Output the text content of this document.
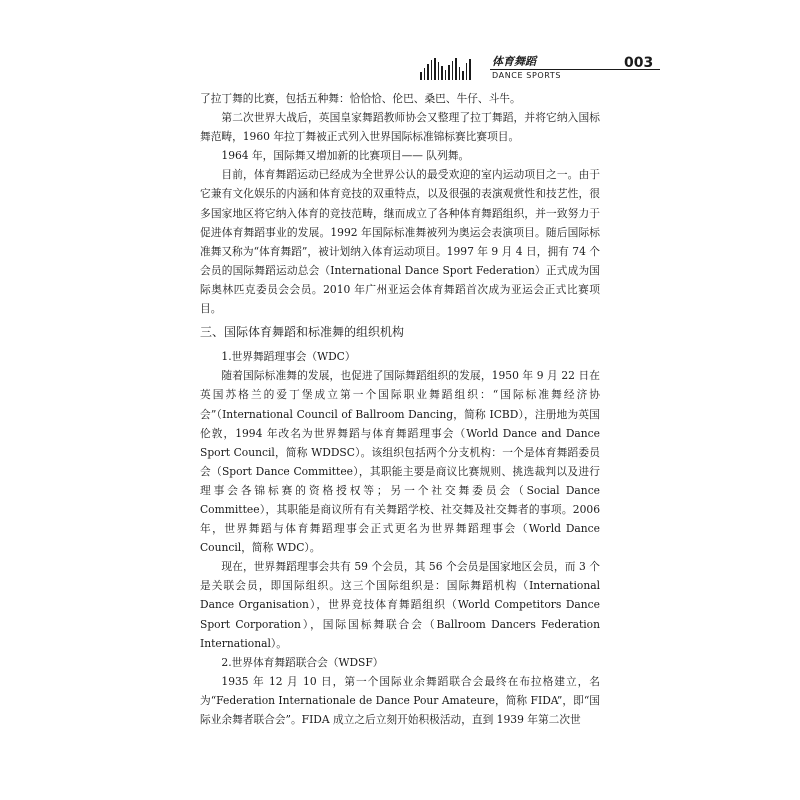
体育舞蹈
DANCE SPORTS
003

了拉丁舞的比赛，包括五种舞：恰恰恰、伦巴、桑巴、牛仔、斗牛。

第二次世界大战后，英国皇家舞蹈教师协会又整理了拉丁舞蹈，并将它纳入国标舞范畴，1960 年拉丁舞被正式列入世界国际标准锦标赛比赛项目。

1964 年，国际舞又增加新的比赛项目—— 队列舞。

目前，体育舞蹈运动已经成为全世界公认的最受欢迎的室内运动项目之一。由于它兼有文化娱乐的内涵和体育竞技的双重特点，以及很强的表演观赏性和技艺性，很多国家地区将它纳入体育的竞技范畴，继而成立了各种体育舞蹈组织，并一致努力于促进体育舞蹈事业的发展。1992 年国际标准舞被列为奥运会表演项目。随后国际标准舞又称为“体育舞蹈”，被计划纳入体育运动项目。1997 年 9 月 4 日，拥有 74 个会员的国际舞蹈运动总会（International Dance Sport Federation）正式成为国际奥林匹克委员会会员。2010 年广州亚运会体育舞蹈首次成为亚运会正式比赛项目。

三、国际体育舞蹈和标准舞的组织机构

1.世界舞蹈理事会（WDC）

随着国际标准舞的发展，也促进了国际舞蹈组织的发展，1950 年 9 月 22 日在英国苏格兰的爱丁堡成立第一个国际职业舞蹈组织：“国际标准舞经济协会”（International Council of Ballroom Dancing，简称 ICBD），注册地为英国伦敦，1994 年改名为世界舞蹈与体育舞蹈理事会（World Dance and Dance Sport Council，简称 WDDSC）。该组织包括两个分支机构：一个是体育舞蹈委员会（Sport Dance Committee），其职能主要是商议比赛规则、挑选裁判以及进行理事会各锦标赛的资格授权等；另一个社交舞委员会（Social Dance Committee），其职能是商议所有有关舞蹈学校、社交舞及社交舞者的事项。2006 年，世界舞蹈与体育舞蹈理事会正式更名为世界舞蹈理事会（World Dance Council，简称 WDC）。

现在，世界舞蹈理事会共有 59 个会员，其 56 个会员是国家地区会员，而 3 个是关联会员，即国际组织。这三个国际组织是：国际舞蹈机构（International Dance Organisation），世界竞技体育舞蹈组织（World Competitors Dance Sport Corporation），国际国标舞联合会（Ballroom Dancers Federation International）。

2.世界体育舞蹈联合会（WDSF）

1935 年 12 月 10 日，第一个国际业余舞蹈联合会最终在布拉格建立，名为“Federation Internationale de Dance Pour Amateure，简称 FIDA”，即“国际业余舞者联合会”。FIDA 成立之后立刻开始积极活动，直到 1939 年第二次世
